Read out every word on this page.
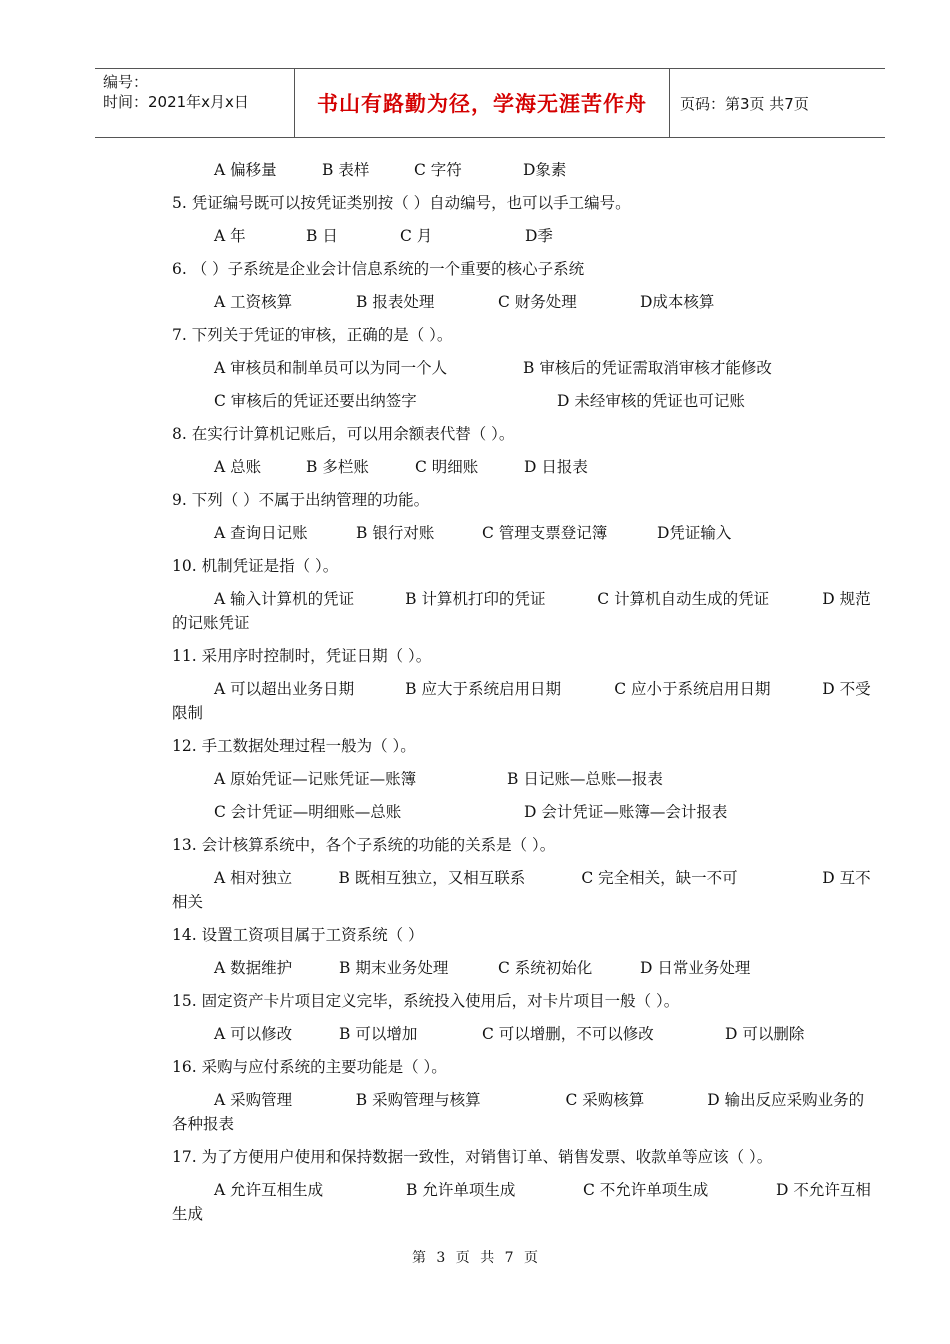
编号：
时间：2021年x月x日	书山有路勤为径，学海无涯苦作舟	页码：第3页 共7页
A 偏移量	B 表样	C 字符	D象素
5. 凭证编号既可以按凭证类别按（ ）自动编号，也可以手工编号。
A 年	B 日	C 月	D季
6. （ ）子系统是企业会计信息系统的一个重要的核心子系统
A 工资核算	B 报表处理	C 财务处理	D成本核算
7. 下列关于凭证的审核，正确的是（ ）。
A 审核员和制单员可以为同一个人	B 审核后的凭证需取消审核才能修改
C 审核后的凭证还要出纳签字	D 未经审核的凭证也可记账
8. 在实行计算机记账后，可以用余额表代替（ ）。
A 总账	B 多栏账	C 明细账	D 日报表
9. 下列（ ）不属于出纳管理的功能。
A 查询日记账	B 银行对账	C 管理支票登记簿	D凭证输入
10. 机制凭证是指（ ）。
A 输入计算机的凭证	B 计算机打印的凭证	C 计算机自动生成的凭证	D 规范
的记账凭证
11. 采用序时控制时，凭证日期（ ）。
A 可以超出业务日期	B 应大于系统启用日期	C 应小于系统启用日期	D 不受
限制
12. 手工数据处理过程一般为（ ）。
A 原始凭证—记账凭证—账簿	B 日记账—总账—报表
C 会计凭证—明细账—总账	D 会计凭证—账簿—会计报表
13. 会计核算系统中，各个子系统的功能的关系是（ ）。
A 相对独立	B 既相互独立，又相互联系	C 完全相关，缺一不可	D 互不
相关
14. 设置工资项目属于工资系统（ ）
A 数据维护	B 期末业务处理	C 系统初始化	D 日常业务处理
15. 固定资产卡片项目定义完毕，系统投入使用后，对卡片项目一般（ ）。
A 可以修改	B 可以增加	C 可以增删，不可以修改	D 可以删除
16. 采购与应付系统的主要功能是（ ）。
A 采购管理	B 采购管理与核算	C 采购核算	D 输出反应采购业务的
各种报表
17. 为了方便用户使用和保持数据一致性，对销售订单、销售发票、收款单等应该（ ）。
A 允许互相生成	B 允许单项生成	C 不允许单项生成	D 不允许互相
生成
第 3 页 共 7 页
